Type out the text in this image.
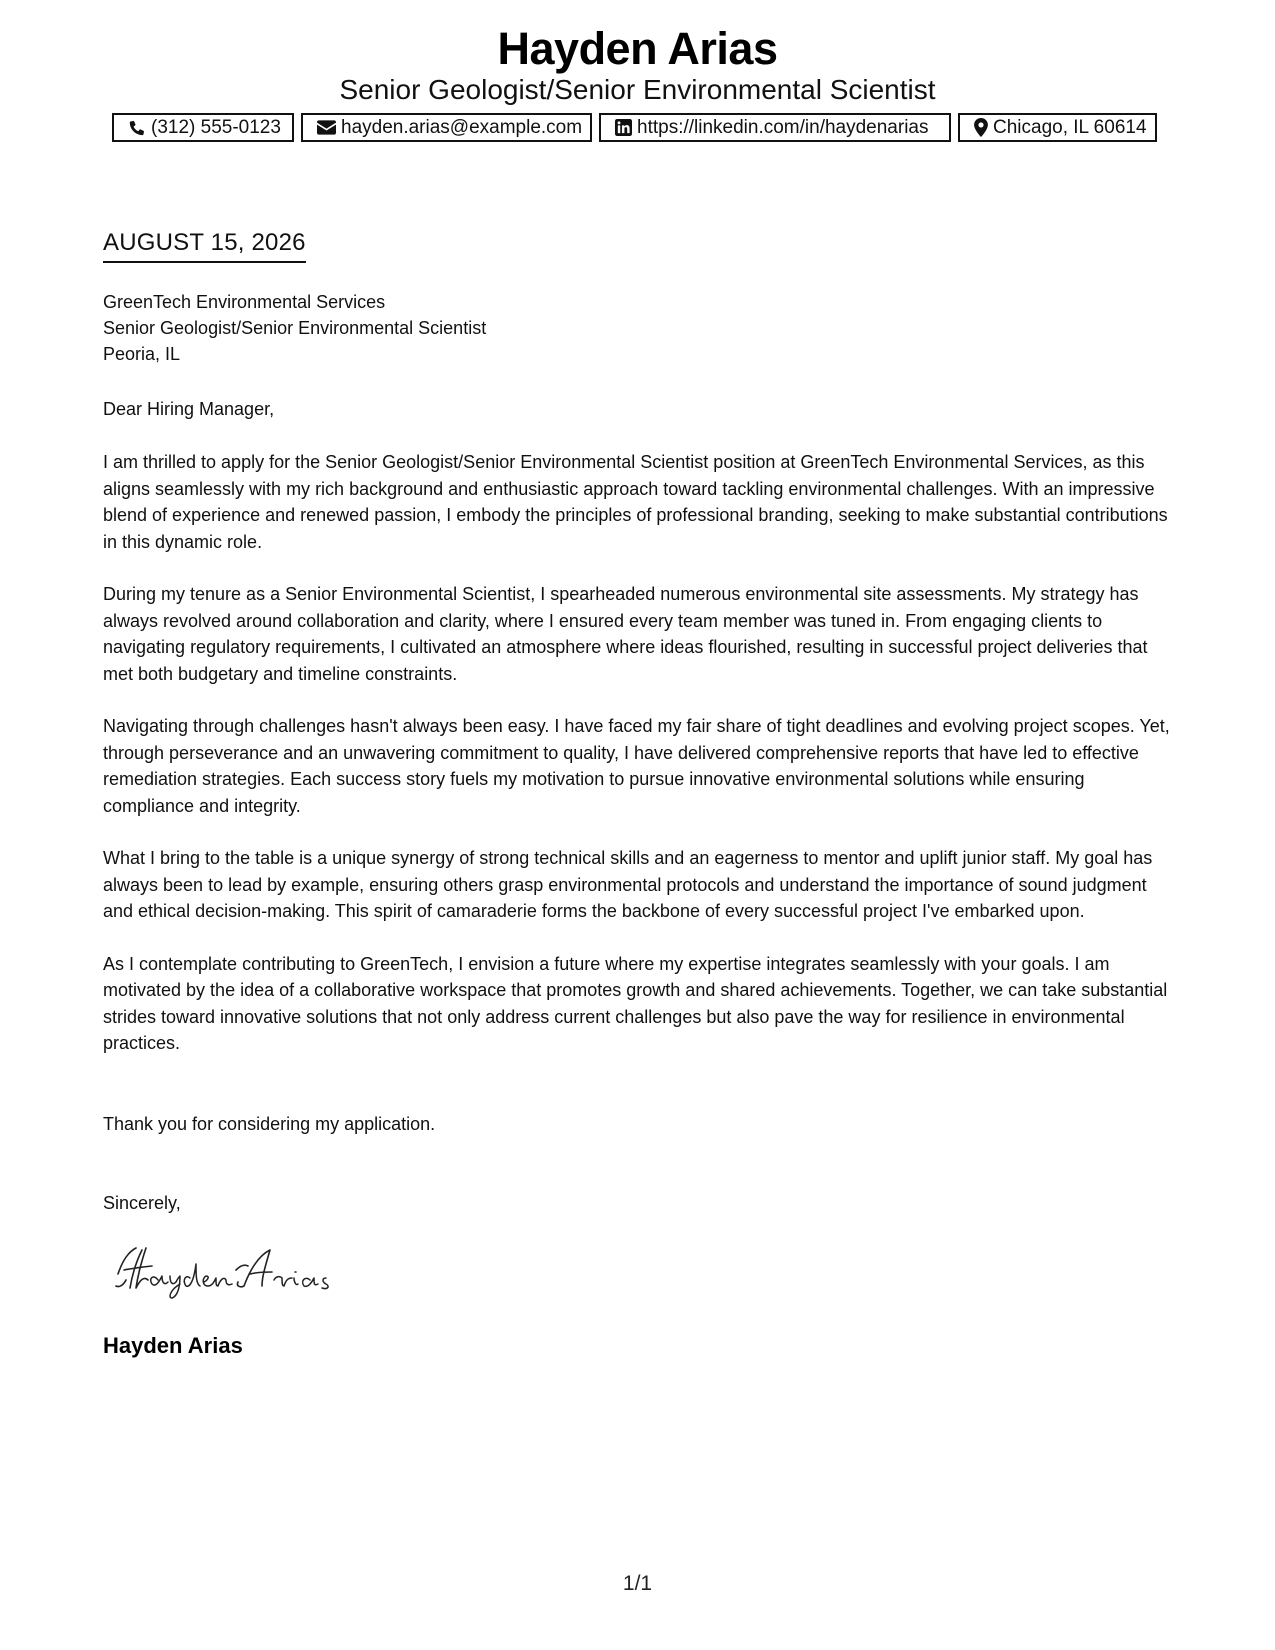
Hayden Arias
Senior Geologist/Senior Environmental Scientist
(312) 555-0123	hayden.arias@example.com	https://linkedin.com/in/haydenarias	Chicago, IL 60614
AUGUST 15, 2026
GreenTech Environmental Services
Senior Geologist/Senior Environmental Scientist
Peoria, IL
Dear Hiring Manager,

I am thrilled to apply for the Senior Geologist/Senior Environmental Scientist position at GreenTech Environmental Services, as this aligns seamlessly with my rich background and enthusiastic approach toward tackling environmental challenges. With an impressive blend of experience and renewed passion, I embody the principles of professional branding, seeking to make substantial contributions in this dynamic role.

During my tenure as a Senior Environmental Scientist, I spearheaded numerous environmental site assessments. My strategy has always revolved around collaboration and clarity, where I ensured every team member was tuned in. From engaging clients to navigating regulatory requirements, I cultivated an atmosphere where ideas flourished, resulting in successful project deliveries that met both budgetary and timeline constraints.

Navigating through challenges hasn't always been easy. I have faced my fair share of tight deadlines and evolving project scopes. Yet, through perseverance and an unwavering commitment to quality, I have delivered comprehensive reports that have led to effective remediation strategies. Each success story fuels my motivation to pursue innovative environmental solutions while ensuring compliance and integrity.

What I bring to the table is a unique synergy of strong technical skills and an eagerness to mentor and uplift junior staff. My goal has always been to lead by example, ensuring others grasp environmental protocols and understand the importance of sound judgment and ethical decision-making. This spirit of camaraderie forms the backbone of every successful project I've embarked upon.

As I contemplate contributing to GreenTech, I envision a future where my expertise integrates seamlessly with your goals. I am motivated by the idea of a collaborative workspace that promotes growth and shared achievements. Together, we can take substantial strides toward innovative solutions that not only address current challenges but also pave the way for resilience in environmental practices.

Thank you for considering my application.
Sincerely,
Hayden Arias
1/1
